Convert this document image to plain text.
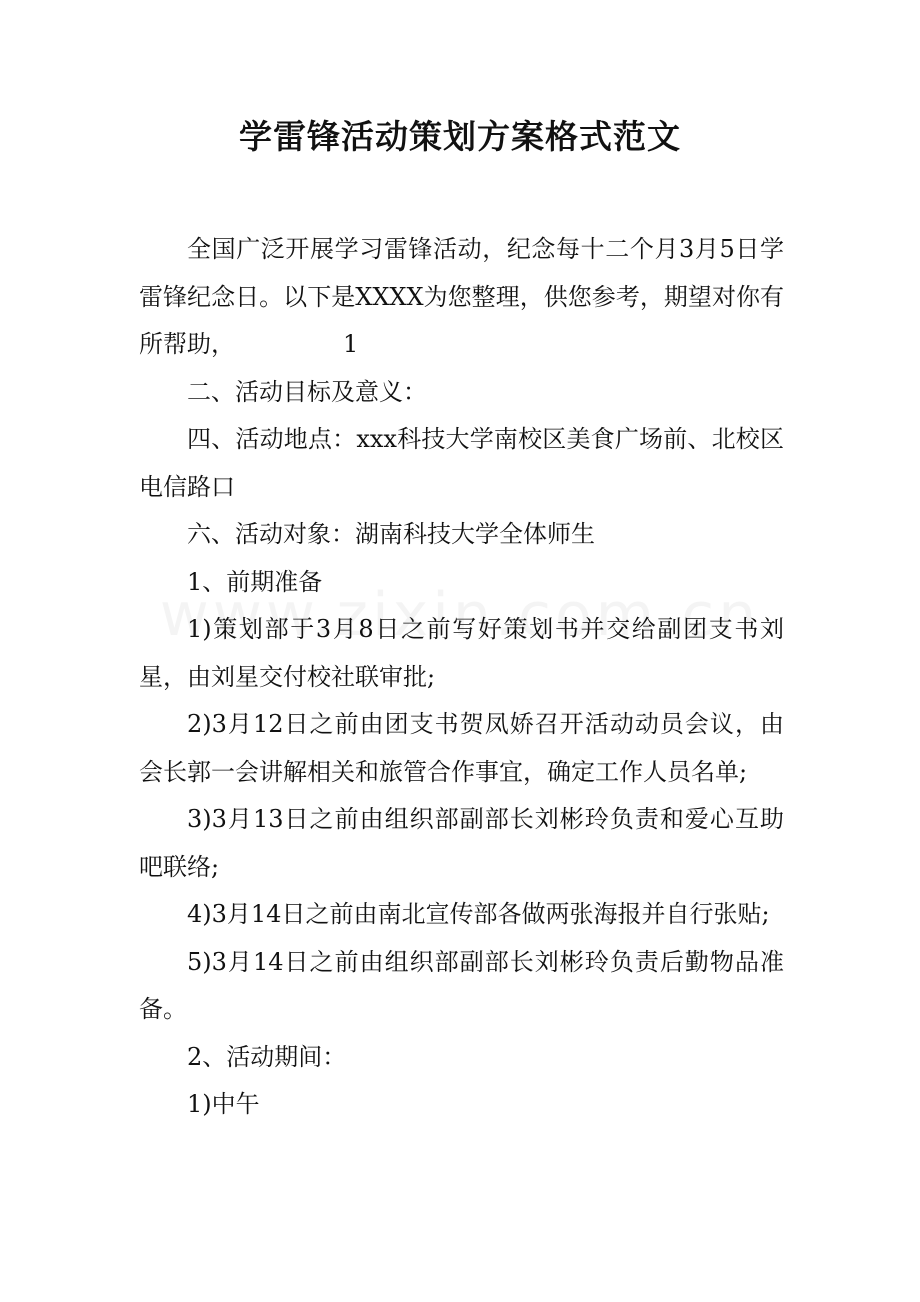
学雷锋活动策划方案格式范文

全国广泛开展学习雷锋活动，纪念每十二个月3月5日学雷锋纪念日。以下是XXXX为您整理，供您参考，期望对你有所帮助，	1

二、活动目标及意义：

四、活动地点：xxx科技大学南校区美食广场前、北校区电信路口

六、活动对象：湖南科技大学全体师生

1、前期准备

1)策划部于3月8日之前写好策划书并交给副团支书刘星，由刘星交付校社联审批;

2)3月12日之前由团支书贺凤娇召开活动动员会议，由会长郭一会讲解相关和旅管合作事宜，确定工作人员名单;

3)3月13日之前由组织部副部长刘彬玲负责和爱心互助吧联络;

4)3月14日之前由南北宣传部各做两张海报并自行张贴;

5)3月14日之前由组织部副部长刘彬玲负责后勤物品准备。

2、活动期间：

1)中午
